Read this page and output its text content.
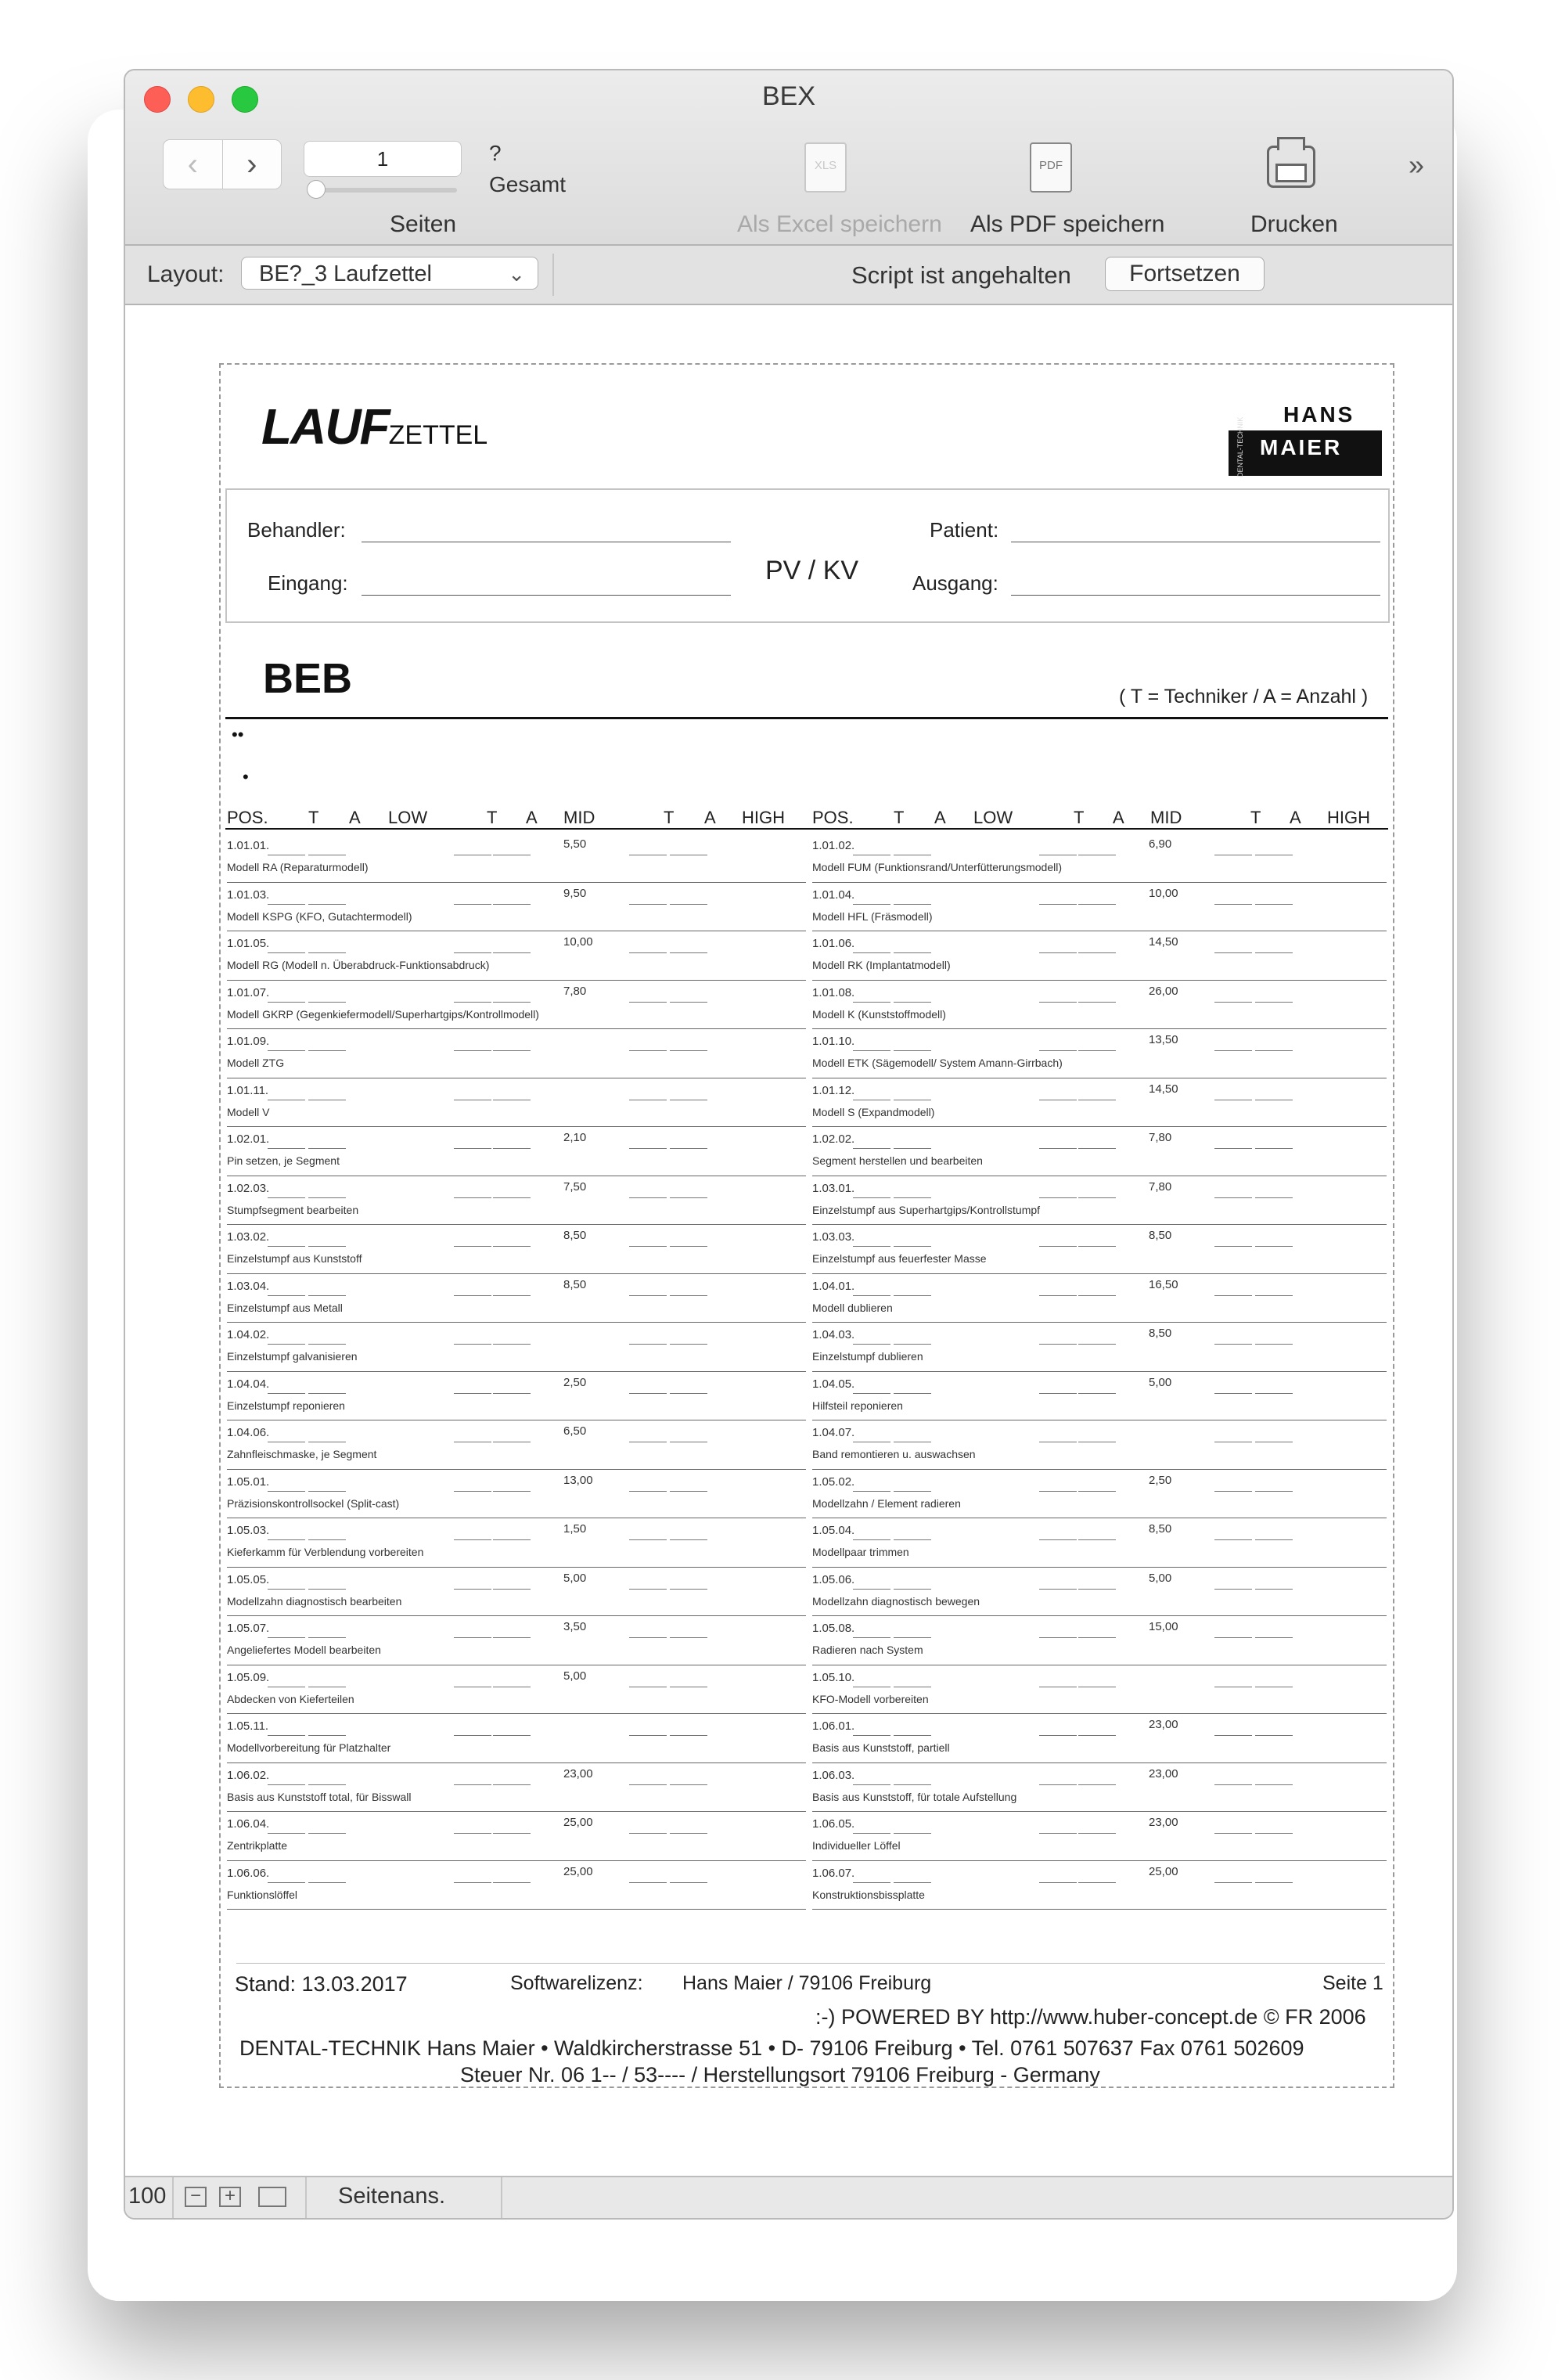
BEX
‹	›	1	?
Gesamt
Seiten
XLS
Als Excel speichern
PDF
Als PDF speichern	Drucken
»
Layout:	BE?_3 Laufzettel	⌄	Script ist angehalten	Fortsetzen
LAUFZETTEL
HANS
MAIER
DENTAL-TECHNIK
Behandler:
Eingang:	PV / KV
Patient:
Ausgang:
BEB	( T = Techniker / A = Anzahl )
••
•
POS. T A LOW	T A MID	T A HIGH POS. T A LOW	T A MID	T A HIGH
1.01.01.	5,50
Modell RA (Reparaturmodell)
1.01.03.	9,50
Modell KSPG (KFO, Gutachtermodell)
1.01.05.	10,00
Modell RG (Modell n. Überabdruck-Funktionsabdruck)
1.01.07.	7,80
Modell GKRP (Gegenkiefermodell/Superhartgips/Kontrollmodell)
1.01.09.
Modell ZTG
1.01.11.
Modell V
1.02.01.	2,10
Pin setzen, je Segment
1.02.03.	7,50
Stumpfsegment bearbeiten
1.03.02.	8,50
Einzelstumpf aus Kunststoff
1.03.04.	8,50
Einzelstumpf aus Metall
1.04.02.
Einzelstumpf galvanisieren
1.04.04.	2,50
Einzelstumpf reponieren
1.04.06.	6,50
Zahnfleischmaske, je Segment
1.05.01.	13,00
Präzisionskontrollsockel (Split-cast)
1.05.03.	1,50
Kieferkamm für Verblendung vorbereiten
1.05.05.	5,00
Modellzahn diagnostisch bearbeiten
1.05.07.	3,50
Angeliefertes Modell bearbeiten
1.05.09.	5,00
Abdecken von Kieferteilen
1.05.11.
Modellvorbereitung für Platzhalter
1.06.02.	23,00
Basis aus Kunststoff total, für Bisswall
1.06.04.	25,00
Zentrikplatte
1.06.06.	25,00
Funktionslöffel
1.01.02.	6,90
Modell FUM (Funktionsrand/Unterfütterungsmodell)
1.01.04.	10,00
Modell HFL (Fräsmodell)
1.01.06.	14,50
Modell RK (Implantatmodell)
1.01.08.	26,00
Modell K (Kunststoffmodell)
1.01.10.	13,50
Modell ETK (Sägemodell/ System Amann-Girrbach)
1.01.12.	14,50
Modell S (Expandmodell)
1.02.02.	7,80
Segment herstellen und bearbeiten
1.03.01.	7,80
Einzelstumpf aus Superhartgips/Kontrollstumpf
1.03.03.	8,50
Einzelstumpf aus feuerfester Masse
1.04.01.	16,50
Modell dublieren
1.04.03.	8,50
Einzelstumpf dublieren
1.04.05.	5,00
Hilfsteil reponieren
1.04.07.
Band remontieren u. auswachsen
1.05.02.	2,50
Modellzahn / Element radieren
1.05.04.	8,50
Modellpaar trimmen
1.05.06.	5,00
Modellzahn diagnostisch bewegen
1.05.08.	15,00
Radieren nach System
1.05.10.
KFO-Modell vorbereiten
1.06.01.	23,00
Basis aus Kunststoff, partiell
1.06.03.	23,00
Basis aus Kunststoff, für totale Aufstellung
1.06.05.	23,00
Individueller Löffel
1.06.07.	25,00
Konstruktionsbissplatte
Stand: 13.03.2017	Softwarelizenz: Hans Maier / 79106 Freiburg	Seite 1
:-) POWERED BY http://www.huber-concept.de © FR 2006
DENTAL-TECHNIK Hans Maier • Waldkircherstrasse 51 • D- 79106 Freiburg • Tel. 0761 507637 Fax 0761 502609
Steuer Nr. 06 1-- / 53---- / Herstellungsort 79106 Freiburg - Germany
100 − +	Seitenans.
